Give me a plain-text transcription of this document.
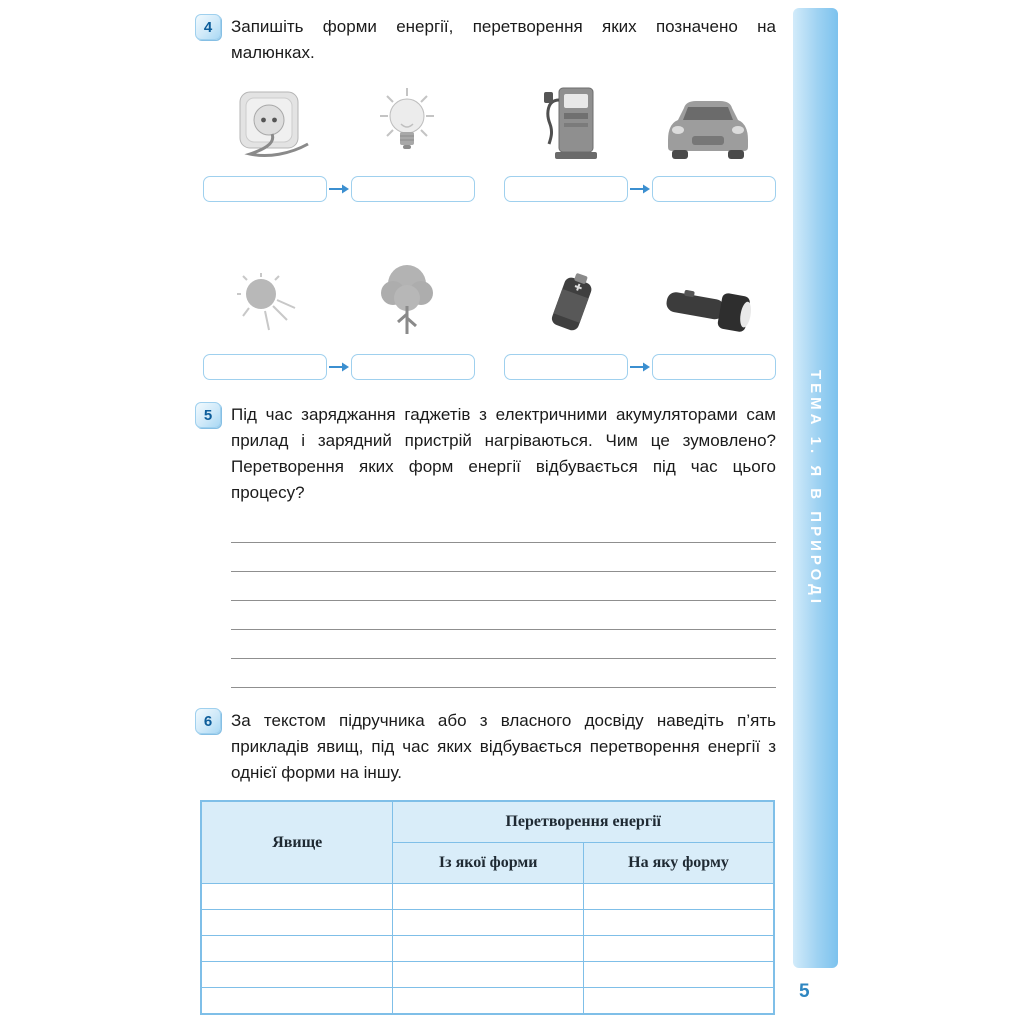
ТЕМА 1. Я В ПРИРОДІ
5
4 Запишіть форми енергії, перетворення яких позначено на малюнках.
5 Під час заряджання гаджетів з електричними акумуляторами сам прилад і зарядний пристрій нагріваються. Чим це зумовлено? Перетворення яких форм енергії відбувається під час цього процесу?
6 За текстом підручника або з власного досвіду наведіть п’ять прикладів явищ, під час яких відбувається перетворення енергії з однієї форми на іншу.
Явище	Перетворення енергії	
	Із якої форми	На яку форму
